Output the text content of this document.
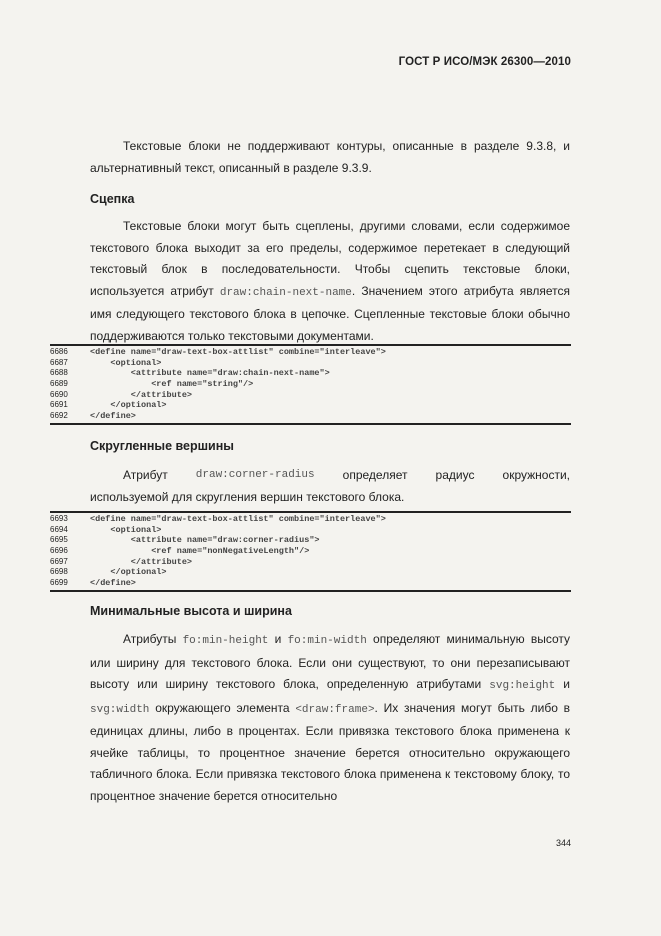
ГОСТ Р ИСО/МЭК 26300—2010
Текстовые блоки не поддерживают контуры, описанные в разделе 9.3.8, и альтернативный текст, описанный в разделе 9.3.9.
Сцепка
Текстовые блоки могут быть сцеплены, другими словами, если содержимое текстового блока выходит за его пределы, содержимое перетекает в следующий текстовый блок в последовательности. Чтобы сцепить текстовые блоки, используется атрибут draw:chain-next-name. Значением этого атрибута является имя следующего текстового блока в цепочке. Сцепленные текстовые блоки обычно поддерживаются только текстовыми документами.
6686	<define name="draw-text-box-attlist" combine="interleave">
6687	<optional>
6688	<attribute name="draw:chain-next-name">
6689	<ref name="string"/>
6690	</attribute>
6691	</optional>
6692	</define>
Скругленные вершины
Атрибут	draw:corner-radius определяет радиус окружности,
используемой для скругления вершин текстового блока.
6693	<define name="draw-text-box-attlist" combine="interleave">
6694	<optional>
6695	<attribute name="draw:corner-radius">
6696	<ref name="nonNegativeLength"/>
6697	</attribute>
6698	</optional>
6699	</define>
Минимальные высота и ширина
Атрибуты fo:min-height и fo:min-width определяют минимальную высоту или ширину для текстового блока. Если они существуют, то они перезаписывают высоту или ширину текстового блока, определенную атрибутами svg:height и svg:width окружающего элемента <draw:frame>. Их значения могут быть либо в единицах длины, либо в процентах. Если привязка текстового блока применена к ячейке таблицы, то процентное значение берется относительно окружающего табличного блока. Если привязка текстового блока применена к текстовому блоку, то процентное значение берется относительно
344
